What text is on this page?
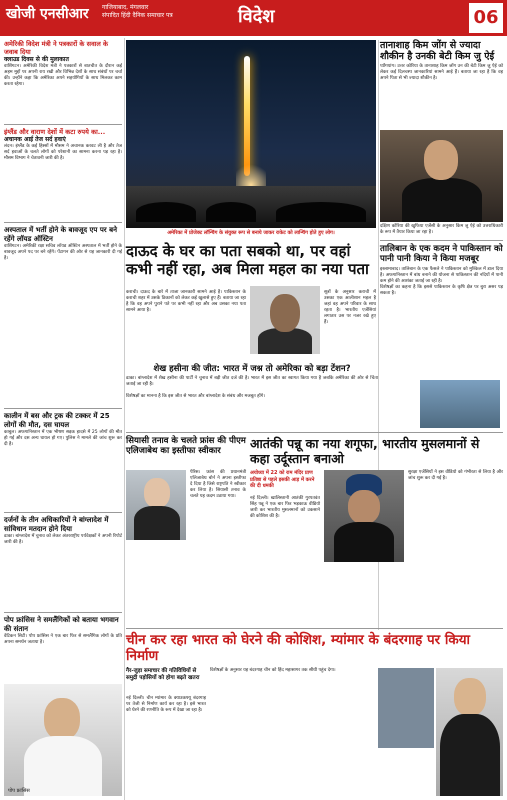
खोजी एनसीआर गाजियाबाद, मंगलवार
संपादित हिंदी दैनिक समाचार पत्र	विदेश	06
अमेरिकी विदेश मंत्री ने पत्रकारों के सवाल के जवाब दिया
क्लाउड दिवस से की मुलाकात
वाशिंगटन। अमेरिकी विदेश मंत्री ने पत्रकारों से बातचीत के दौरान कई अहम मुद्दों पर अपनी राय रखी और विभिन्न देशों के साथ संबंधों पर चर्चा की। उन्होंने कहा कि अमेरिका अपने सहयोगियों के साथ मिलकर काम करता रहेगा।
इंग्लैंड और वाराण देशों में कटा रुपये का...
अचानक आई तेज सर्द हवाएं
लंदन। इंग्लैंड के कई हिस्सों में मौसम ने अचानक करवट ली है और तेज सर्द हवाओं के चलते लोगों को परेशानी का सामना करना पड़ रहा है। मौसम विभाग ने चेतावनी जारी की है।
अस्पताल में भर्ती होने के बावजूद एप पर बने रहेंगे लॉयड ऑस्टिन
वाशिंगटन। अमेरिकी रक्षा सचिव लॉयड ऑस्टिन अस्पताल में भर्ती होने के बावजूद अपने पद पर बने रहेंगे। पेंटागन की ओर से यह जानकारी दी गई है।
कालीन में बस और ट्रक की टक्कर में 25 लोगों की मौत, दस घायल
काबुल। अफगानिस्तान में एक भीषण सड़क हादसे में 25 लोगों की मौत हो गई और दस अन्य घायल हो गए। पुलिस ने मामले की जांच शुरू कर दी है।
दर्जनों के तीन अधिकारियों ने बांग्लादेश में सांविधान मतदान होने दिया
ढाका। बांग्लादेश में चुनाव को लेकर अंतरराष्ट्रीय पर्यवेक्षकों ने अपनी रिपोर्ट जारी की है।
पोप फ्रांसिस ने समलैंगिकों को बताया भगवान की संतान
वेटिकन सिटी। पोप फ्रांसिस ने एक बार फिर से समलैंगिक लोगों के प्रति अपना समर्थन जताया है।
पोप फ्रांसिस
अमेरिका में प्रोजेक्ट लॉन्चिंग के संयुक्त रूप से बनाये जाकर राकेट को लान्चिंग होते हुए लोग।
तानाशाह किम जोंग से ज्यादा शौकीन है उनकी बेटी किम जु ऐई
प्योंगयांग। उत्तर कोरिया के तानाशाह किम जोंग उन की बेटी किम जु ऐई को लेकर कई दिलचस्प जानकारियां सामने आई हैं। बताया जा रहा है कि वह अपने पिता से भी ज्यादा शौकीन है।
दक्षिण कोरिया की खुफिया एजेंसी के अनुसार किम जु ऐई को उत्तराधिकारी के रूप में तैयार किया जा रहा है।
तालिबान के एक कदम ने पाकिस्तान को पानी पानी किया ने किया मजबूर
इस्लामाबाद। तालिबान के एक फैसले ने पाकिस्तान को मुश्किल में डाल दिया है। अफगानिस्तान में बांध बनाने की योजना से पाकिस्तान की नदियों में पानी कम होने की आशंका जताई जा रही है।
विशेषज्ञों का कहना है कि इससे पाकिस्तान के कृषि क्षेत्र पर बुरा असर पड़ सकता है।
दाऊद के घर का पता सबको था, पर वहां कभी नहीं रहा, अब मिला महल का नया पता
कराची। दाऊद के बारे में ताजा जानकारी सामने आई है। पाकिस्तान के कराची शहर में उसके ठिकानों को लेकर कई खुलासे हुए हैं। बताया जा रहा है कि वह अपने पुराने पते पर कभी नहीं रहा और अब उसका नया पता सामने आया है।
सूत्रों के अनुसार कराची में उसका एक आलीशान महल है जहां वह अपने परिवार के साथ रहता है। भारतीय एजेंसियां लगातार उस पर नजर रखे हुए हैं।
शेख हसीना की जीत: भारत में जश्न तो अमेरिका को बड़ा टेंशन?
ढाका। बांग्लादेश में शेख हसीना की पार्टी ने चुनाव में बड़ी जीत दर्ज की है। भारत में इस जीत का स्वागत किया गया है जबकि अमेरिका की ओर से चिंता जताई जा रही है।
विशेषज्ञों का मानना है कि इस जीत से भारत और बांग्लादेश के संबंध और मजबूत होंगे।
सियासी तनाव के चलते फ्रांस की पीएम एलिजाबेथ का इस्तीफा स्वीकार
पेरिस। फ्रांस की प्रधानमंत्री एलिजाबेथ बोर्न ने अपना इस्तीफा दे दिया है जिसे राष्ट्रपति ने स्वीकार कर लिया है। सियासी तनाव के चलते यह कदम उठाया गया।
आतंकी पन्नू का नया शगूफा, भारतीय मुसलमानों से कहा उर्दूस्तान बनाओ
अयोध्या में 22 को राम मंदिर प्राण प्रतिष्ठा से पहले इसकी आड़ में करने की दी धमकी
नई दिल्ली। खालिस्तानी आतंकी गुरपतवंत सिंह पन्नू ने एक बार फिर भड़काऊ वीडियो जारी कर भारतीय मुसलमानों को उकसाने की कोशिश की है।
सुरक्षा एजेंसियों ने इस वीडियो को गंभीरता से लिया है और जांच शुरू कर दी गई है।
चीन कर रहा भारत को घेरने की कोशिश, म्यांमार के बंदरगाह पर किया निर्माण
गैर-जुड़ा समाचार की गतिविधियों से समुद्री पड़ोसियों को होगा बढ़ते खतरा
नई दिल्ली। चीन म्यांमार के क्याउकफ्यू बंदरगाह पर तेजी से निर्माण कार्य कर रहा है। इसे भारत को घेरने की रणनीति के रूप में देखा जा रहा है।
विशेषज्ञों के अनुसार यह बंदरगाह चीन को हिंद महासागर तक सीधी पहुंच देगा।
